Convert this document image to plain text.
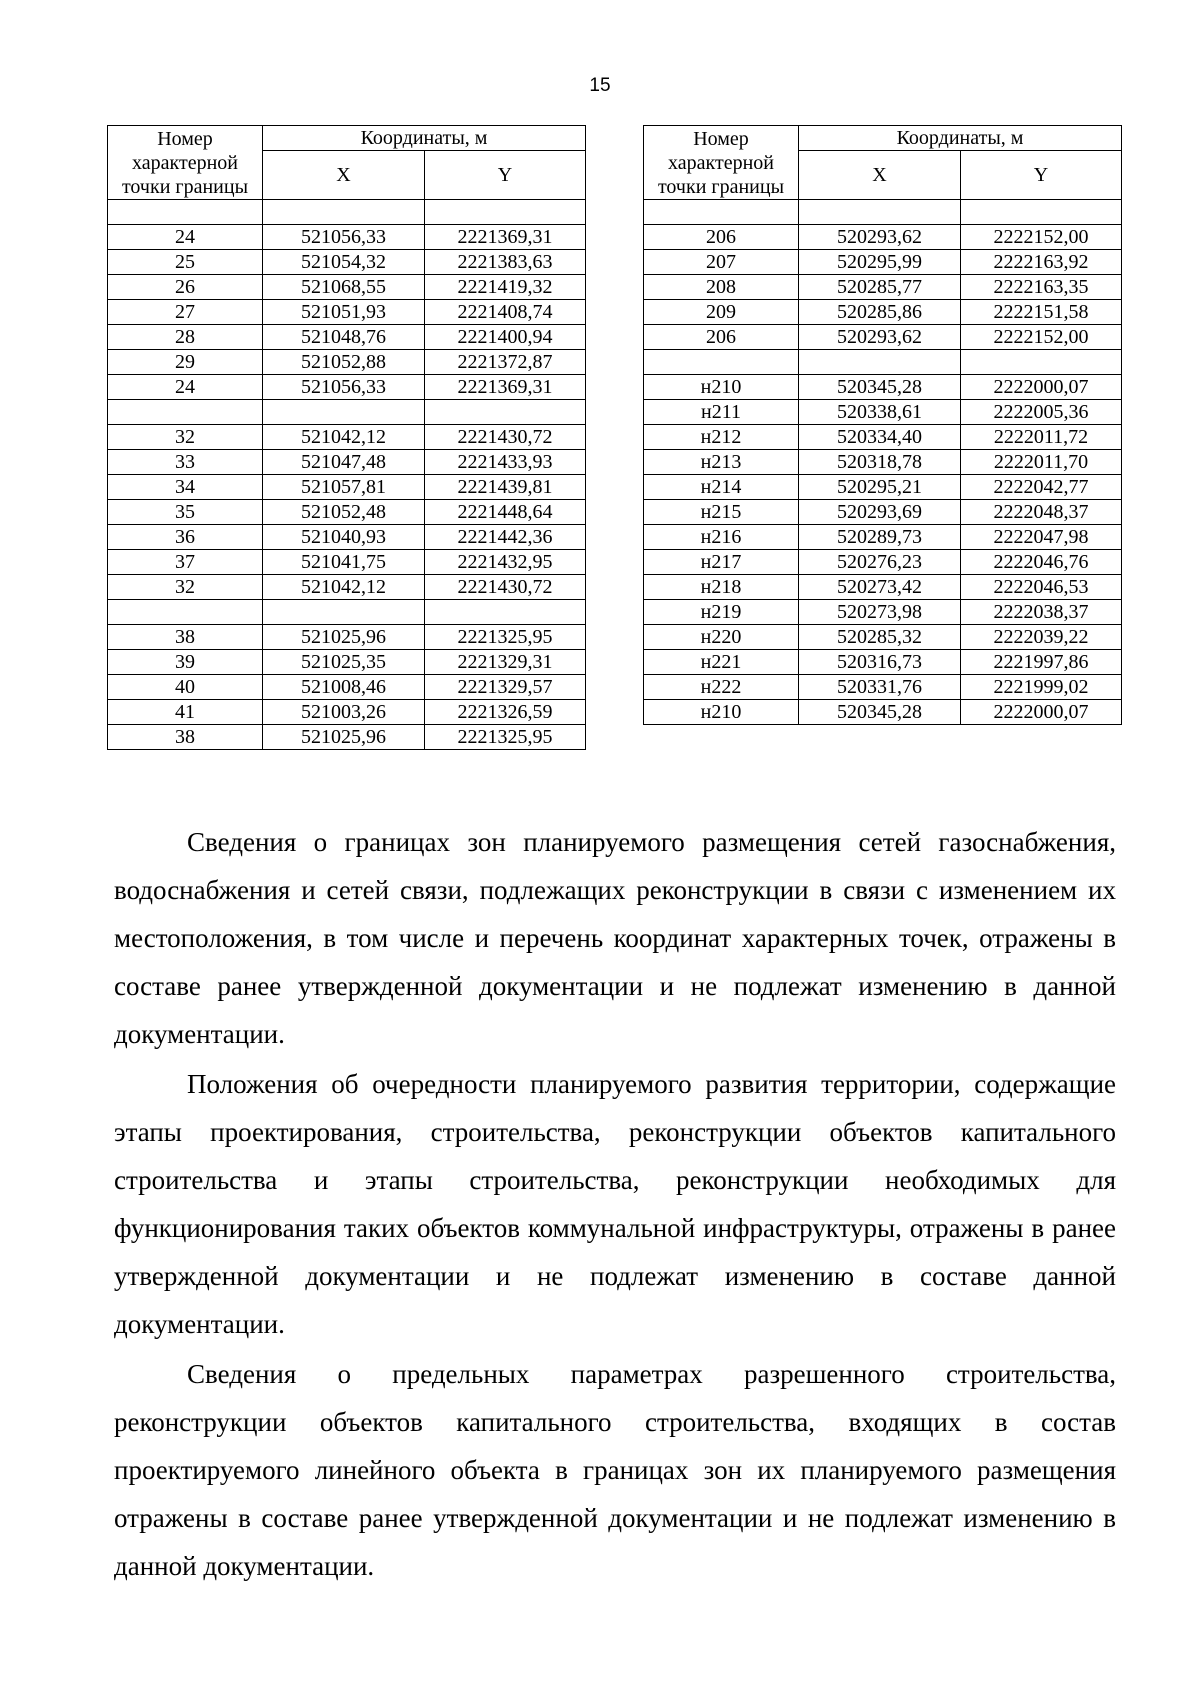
15
Номер характерной точки границы	Координаты, м	
	X	Y

24	521056,33	2221369,31
25	521054,32	2221383,63
26	521068,55	2221419,32
27	521051,93	2221408,74
28	521048,76	2221400,94
29	521052,88	2221372,87
24	521056,33	2221369,31

32	521042,12	2221430,72
33	521047,48	2221433,93
34	521057,81	2221439,81
35	521052,48	2221448,64
36	521040,93	2221442,36
37	521041,75	2221432,95
32	521042,12	2221430,72

38	521025,96	2221325,95
39	521025,35	2221329,31
40	521008,46	2221329,57
41	521003,26	2221326,59
38	521025,96	2221325,95
Номер характерной точки границы	Координаты, м	
	X	Y

206	520293,62	2222152,00
207	520295,99	2222163,92
208	520285,77	2222163,35
209	520285,86	2222151,58
206	520293,62	2222152,00

н210	520345,28	2222000,07
н211	520338,61	2222005,36
н212	520334,40	2222011,72
н213	520318,78	2222011,70
н214	520295,21	2222042,77
н215	520293,69	2222048,37
н216	520289,73	2222047,98
н217	520276,23	2222046,76
н218	520273,42	2222046,53
н219	520273,98	2222038,37
н220	520285,32	2222039,22
н221	520316,73	2221997,86
н222	520331,76	2221999,02
н210	520345,28	2222000,07

Сведения о границах зон планируемого размещения сетей газоснабжения, водоснабжения и сетей связи, подлежащих реконструкции в связи с изменением их местоположения, в том числе и перечень координат характерных точек, отражены в составе ранее утвержденной документации и не подлежат изменению в данной документации.

Положения об очередности планируемого развития территории, содержащие этапы проектирования, строительства, реконструкции объектов капитального строительства и этапы строительства, реконструкции необходимых для функционирования таких объектов коммунальной инфраструктуры, отражены в ранее утвержденной документации и не подлежат изменению в составе данной документации.

Сведения о предельных параметрах разрешенного строительства, реконструкции объектов капитального строительства, входящих в состав проектируемого линейного объекта в границах зон их планируемого размещения отражены в составе ранее утвержденной документации и не подлежат изменению в данной документации.
